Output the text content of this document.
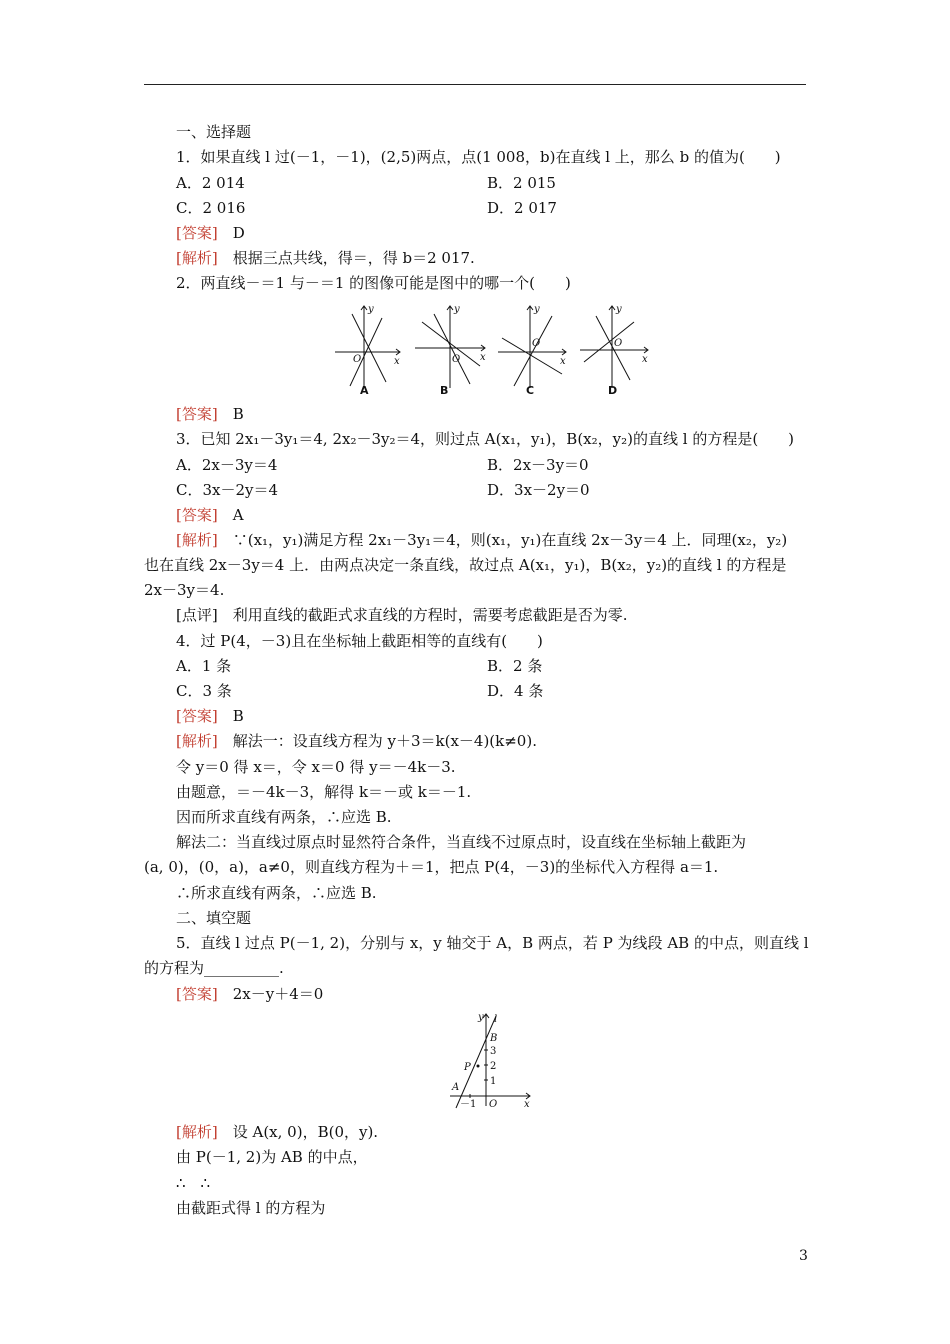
一、选择题
1．如果直线 l 过(－1，－1)，(2,5)两点，点(1 008，b)在直线 l 上，那么 b 的值为(　　)
A．2 014	B．2 015
C．2 016	D．2 017
[答案]　D
[解析]　根据三点共线，得＝，得 b＝2 017.
2．两直线－＝1 与－＝1 的图像可能是图中的哪一个(　　)
[答案]　B
3．已知 2x₁－3y₁＝4, 2x₂－3y₂＝4，则过点 A(x₁，y₁)，B(x₂，y₂)的直线 l 的方程是(　　)
A．2x－3y＝4	B．2x－3y＝0
C．3x－2y＝4	D．3x－2y＝0
[答案]　A
[解析]　∵(x₁，y₁)满足方程 2x₁－3y₁＝4，则(x₁，y₁)在直线 2x－3y＝4 上．同理(x₂，y₂)
也在直线 2x－3y＝4 上．由两点决定一条直线，故过点 A(x₁，y₁)，B(x₂，y₂)的直线 l 的方程是
2x－3y＝4.
[点评]　利用直线的截距式求直线的方程时，需要考虑截距是否为零.
4．过 P(4，－3)且在坐标轴上截距相等的直线有(　　)
A．1 条	B．2 条
C．3 条	D．4 条
[答案]　B
[解析]　解法一：设直线方程为 y＋3＝k(x－4)(k≠0).
令 y＝0 得 x＝，令 x＝0 得 y＝－4k－3.
由题意，＝－4k－3，解得 k＝－或 k＝－1.
因而所求直线有两条，∴应选 B.
解法二：当直线过原点时显然符合条件，当直线不过原点时，设直线在坐标轴上截距为
(a, 0)，(0，a)，a≠0，则直线方程为＋＝1，把点 P(4，－3)的坐标代入方程得 a＝1.
∴所求直线有两条，∴应选 B.
二、填空题
5．直线 l 过点 P(－1, 2)，分别与 x，y 轴交于 A，B 两点，若 P 为线段 AB 的中点，则直线 l
的方程为__________.
[答案]　2x－y＋4＝0
[解析]　设 A(x, 0)，B(0，y).
由 P(－1, 2)为 AB 的中点，
∴　∴
由截距式得 l 的方程为
y
x
O
y
x
O
y
x
O
y
x
O
A	B	C	D
y l
B
3
2
1
P
A
－1 O	x
3
